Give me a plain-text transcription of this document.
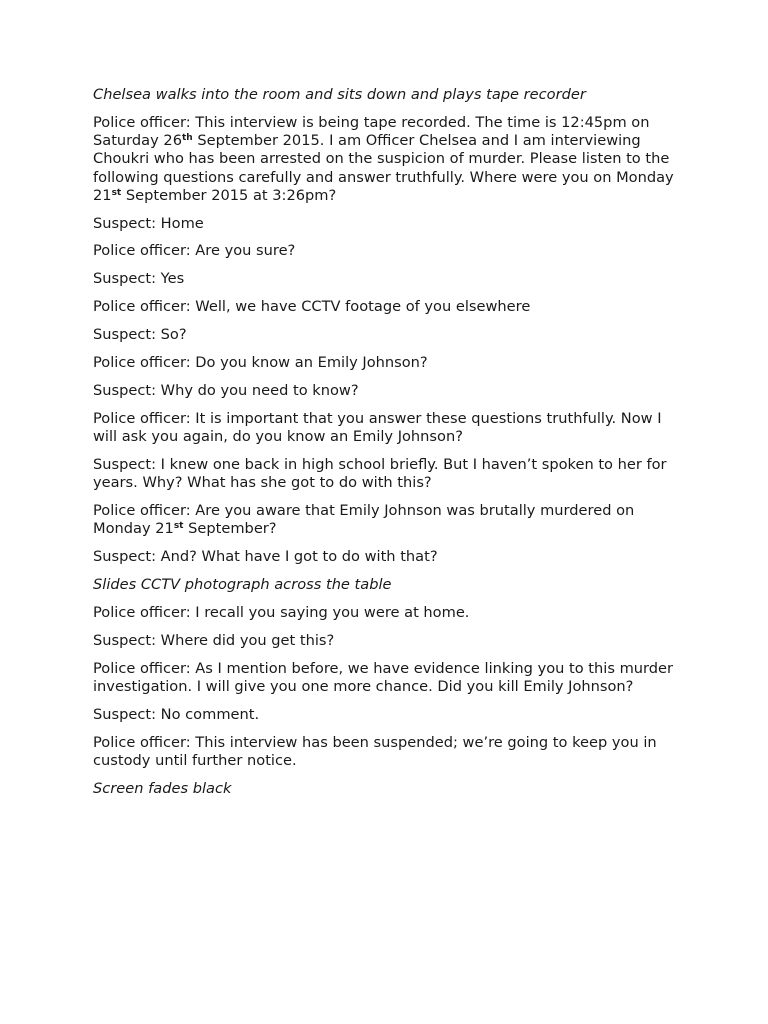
Chelsea walks into the room and sits down and plays tape recorder

Police officer: This interview is being tape recorded. The time is 12:45pm on Saturday 26th September 2015. I am Officer Chelsea and I am interviewing Choukri who has been arrested on the suspicion of murder. Please listen to the following questions carefully and answer truthfully. Where were you on Monday 21st September 2015 at 3:26pm?

Suspect: Home

Police officer: Are you sure?

Suspect: Yes

Police officer: Well, we have CCTV footage of you elsewhere

Suspect: So?

Police officer: Do you know an Emily Johnson?

Suspect: Why do you need to know?

Police officer: It is important that you answer these questions truthfully. Now I will ask you again, do you know an Emily Johnson?

Suspect: I knew one back in high school briefly. But I haven’t spoken to her for years. Why? What has she got to do with this?

Police officer: Are you aware that Emily Johnson was brutally murdered on Monday 21st September?

Suspect: And? What have I got to do with that?

Slides CCTV photograph across the table

Police officer: I recall you saying you were at home.

Suspect: Where did you get this?

Police officer: As I mention before, we have evidence linking you to this murder investigation. I will give you one more chance. Did you kill Emily Johnson?

Suspect: No comment.

Police officer: This interview has been suspended; we’re going to keep you in custody until further notice.

Screen fades black
